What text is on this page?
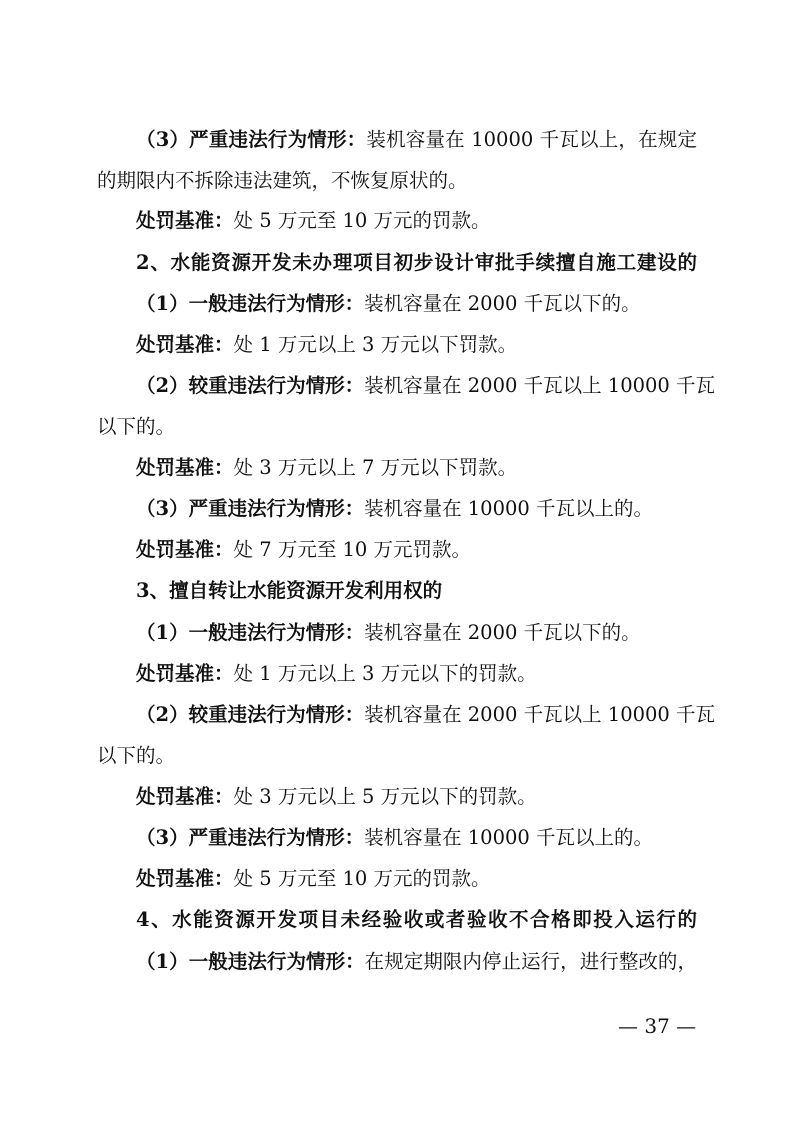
（3）严重违法行为情形：装机容量在 10000 千瓦以上，在规定
的期限内不拆除违法建筑，不恢复原状的。
处罚基准：处 5 万元至 10 万元的罚款。
2、水能资源开发未办理项目初步设计审批手续擅自施工建设的
（1）一般违法行为情形：装机容量在 2000 千瓦以下的。
处罚基准：处 1 万元以上 3 万元以下罚款。
（2）较重违法行为情形：装机容量在 2000 千瓦以上 10000 千瓦
以下的。
处罚基准：处 3 万元以上 7 万元以下罚款。
（3）严重违法行为情形：装机容量在 10000 千瓦以上的。
处罚基准：处 7 万元至 10 万元罚款。
3、擅自转让水能资源开发利用权的
（1）一般违法行为情形：装机容量在 2000 千瓦以下的。
处罚基准：处 1 万元以上 3 万元以下的罚款。
（2）较重违法行为情形：装机容量在 2000 千瓦以上 10000 千瓦
以下的。
处罚基准：处 3 万元以上 5 万元以下的罚款。
（3）严重违法行为情形：装机容量在 10000 千瓦以上的。
处罚基准：处 5 万元至 10 万元的罚款。
4、水能资源开发项目未经验收或者验收不合格即投入运行的
（1）一般违法行为情形：在规定期限内停止运行，进行整改的，
— 37 —
